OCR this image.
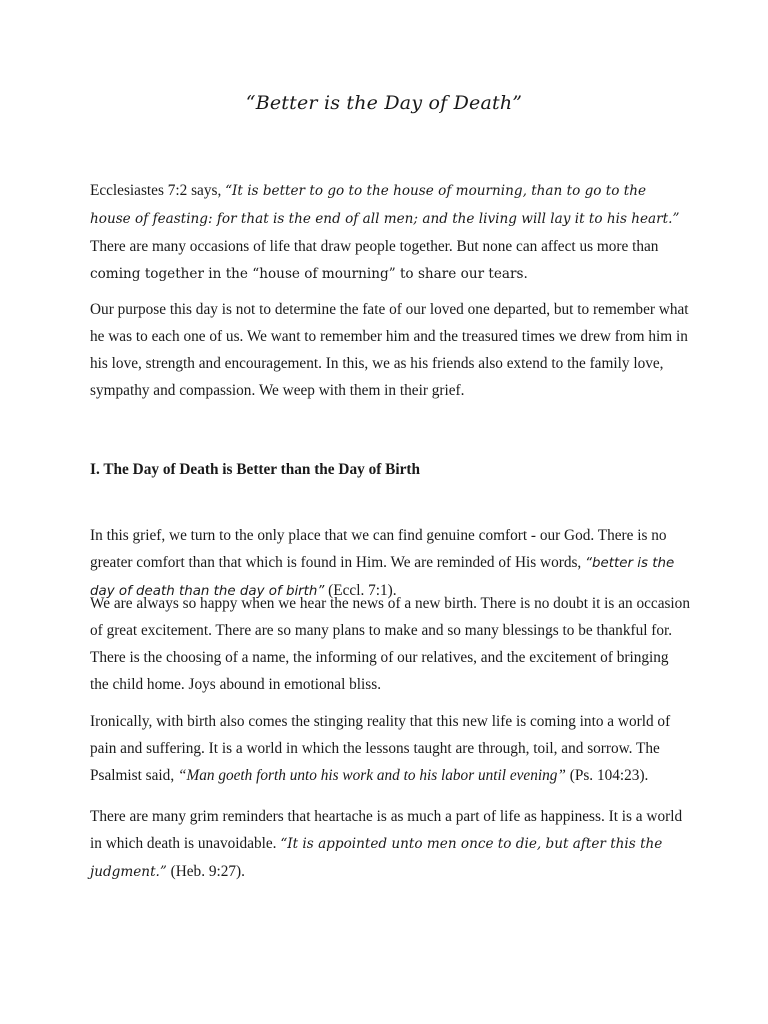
“Better is the Day of Death”

Ecclesiastes 7:2 says, “It is better to go to the house of mourning, than to go to the house of feasting: for that is the end of all men; and the living will lay it to his heart.”

There are many occasions of life that draw people together. But none can affect us more than coming together in the “house of mourning” to share our tears.

Our purpose this day is not to determine the fate of our loved one departed, but to remember what he was to each one of us. We want to remember him and the treasured times we drew from him in his love, strength and encouragement. In this, we as his friends also extend to the family love, sympathy and compassion. We weep with them in their grief.

I. The Day of Death is Better than the Day of Birth

In this grief, we turn to the only place that we can find genuine comfort - our God. There is no greater comfort than that which is found in Him. We are reminded of His words, “better is the day of death than the day of birth” (Eccl. 7:1).

We are always so happy when we hear the news of a new birth. There is no doubt it is an occasion of great excitement. There are so many plans to make and so many blessings to be thankful for. There is the choosing of a name, the informing of our relatives, and the excitement of bringing the child home. Joys abound in emotional bliss.

Ironically, with birth also comes the stinging reality that this new life is coming into a world of pain and suffering. It is a world in which the lessons taught are through, toil, and sorrow. The Psalmist said, “Man goeth forth unto his work and to his labor until evening” (Ps. 104:23).

There are many grim reminders that heartache is as much a part of life as happiness. It is a world in which death is unavoidable. “It is appointed unto men once to die, but after this the judgment.” (Heb. 9:27).
